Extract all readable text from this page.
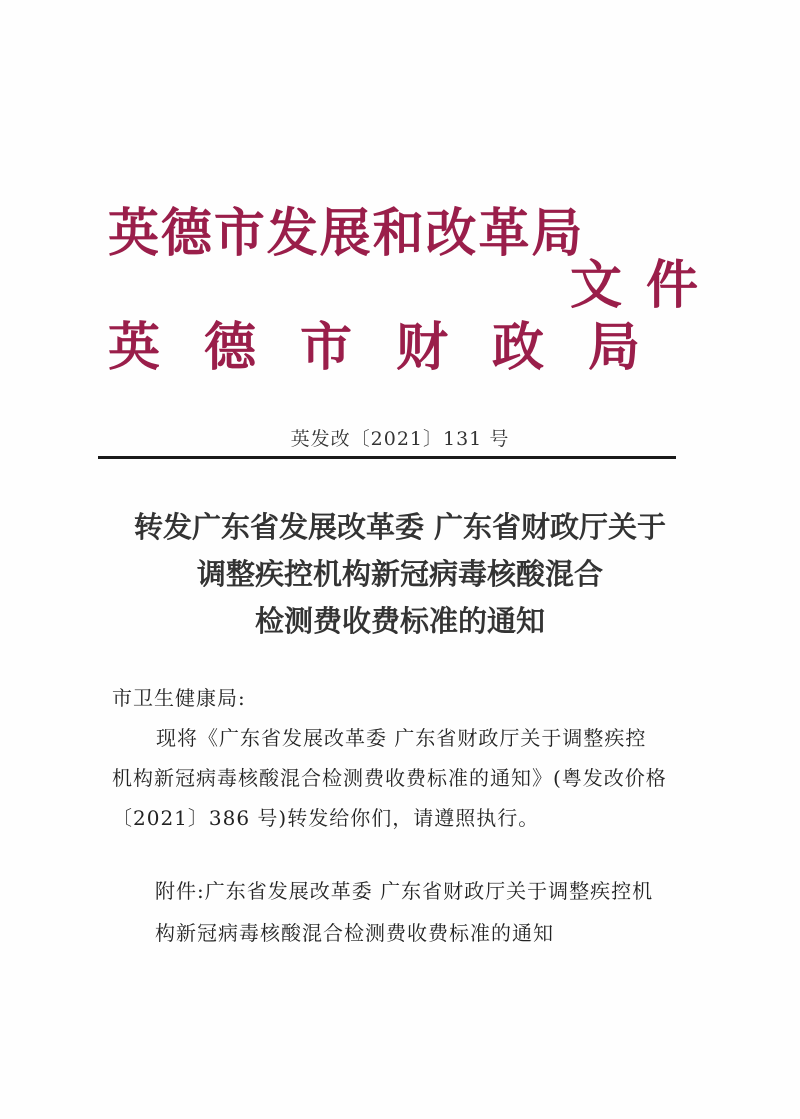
英德市发展和改革局
英德市财政局
文件
英发改〔2021〕131 号
转发广东省发展改革委 广东省财政厅关于
调整疾控机构新冠病毒核酸混合
检测费收费标准的通知
市卫生健康局:
现将《广东省发展改革委 广东省财政厅关于调整疾控
机构新冠病毒核酸混合检测费收费标准的通知》(粤发改价格
〔2021〕386 号)转发给你们，请遵照执行。
附件:广东省发展改革委 广东省财政厅关于调整疾控机
构新冠病毒核酸混合检测费收费标准的通知
